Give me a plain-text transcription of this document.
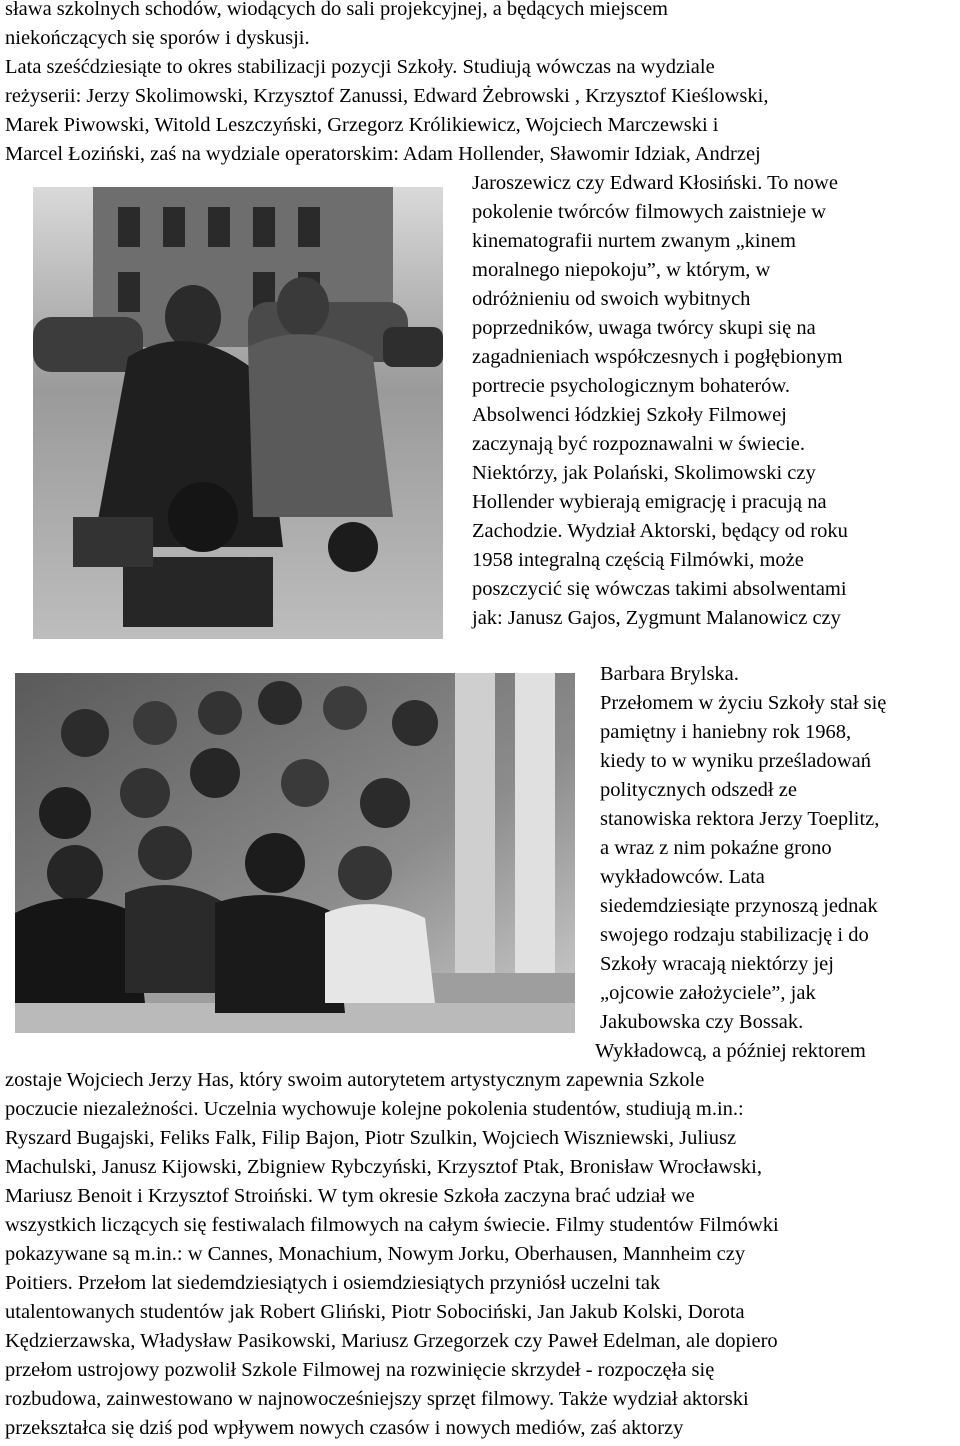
sława szkolnych schodów, wiodących do sali projekcyjnej, a będących miejscem
niekończących się sporów i dyskusji.
Lata sześćdziesiąte to okres stabilizacji pozycji Szkoły. Studiują wówczas na wydziale
reżyserii: Jerzy Skolimowski, Krzysztof Zanussi, Edward Żebrowski , Krzysztof Kieślowski,
Marek Piwowski, Witold Leszczyński, Grzegorz Królikiewicz, Wojciech Marczewski i
Marcel Łoziński, zaś na wydziale operatorskim: Adam Hollender, Sławomir Idziak, Andrzej
Jaroszewicz czy Edward Kłosiński. To nowe
pokolenie twórców filmowych zaistnieje w
kinematografii nurtem zwanym „kinem
moralnego niepokoju”, w którym, w
odróżnieniu od swoich wybitnych
poprzedników, uwaga twórcy skupi się na
zagadnieniach współczesnych i pogłębionym
portrecie psychologicznym bohaterów.
Absolwenci łódzkiej Szkoły Filmowej
zaczynają być rozpoznawalni w świecie.
Niektórzy, jak Polański, Skolimowski czy
Hollender wybierają emigrację i pracują na
Zachodzie. Wydział Aktorski, będący od roku
1958 integralną częścią Filmówki, może
poszczycić się wówczas takimi absolwentami
jak: Janusz Gajos, Zygmunt Malanowicz czy
Barbara Brylska.
Przełomem w życiu Szkoły stał się
pamiętny i haniebny rok 1968,
kiedy to w wyniku prześladowań
politycznych odszedł ze
stanowiska rektora Jerzy Toeplitz,
a wraz z nim pokaźne grono
wykładowców. Lata
siedemdziesiąte przynoszą jednak
swojego rodzaju stabilizację i do
Szkoły wracają niektórzy jej
„ojcowie założyciele”, jak
Jakubowska czy Bossak.
Wykładowcą, a później rektorem
zostaje Wojciech Jerzy Has, który swoim autorytetem artystycznym zapewnia Szkole
poczucie niezależności. Uczelnia wychowuje kolejne pokolenia studentów, studiują m.in.:
Ryszard Bugajski, Feliks Falk, Filip Bajon, Piotr Szulkin, Wojciech Wiszniewski, Juliusz
Machulski, Janusz Kijowski, Zbigniew Rybczyński, Krzysztof Ptak, Bronisław Wrocławski,
Mariusz Benoit i Krzysztof Stroiński. W tym okresie Szkoła zaczyna brać udział we
wszystkich liczących się festiwalach filmowych na całym świecie. Filmy studentów Filmówki
pokazywane są m.in.: w Cannes, Monachium, Nowym Jorku, Oberhausen, Mannheim czy
Poitiers. Przełom lat siedemdziesiątych i osiemdziesiątych przyniósł uczelni tak
utalentowanych studentów jak Robert Gliński, Piotr Sobociński, Jan Jakub Kolski, Dorota
Kędzierzawska, Władysław Pasikowski, Mariusz Grzegorzek czy Paweł Edelman, ale dopiero
przełom ustrojowy pozwolił Szkole Filmowej na rozwinięcie skrzydeł - rozpoczęła się
rozbudowa, zainwestowano w najnowocześniejszy sprzęt filmowy. Także wydział aktorski
przekształca się dziś pod wpływem nowych czasów i nowych mediów, zaś aktorzy
